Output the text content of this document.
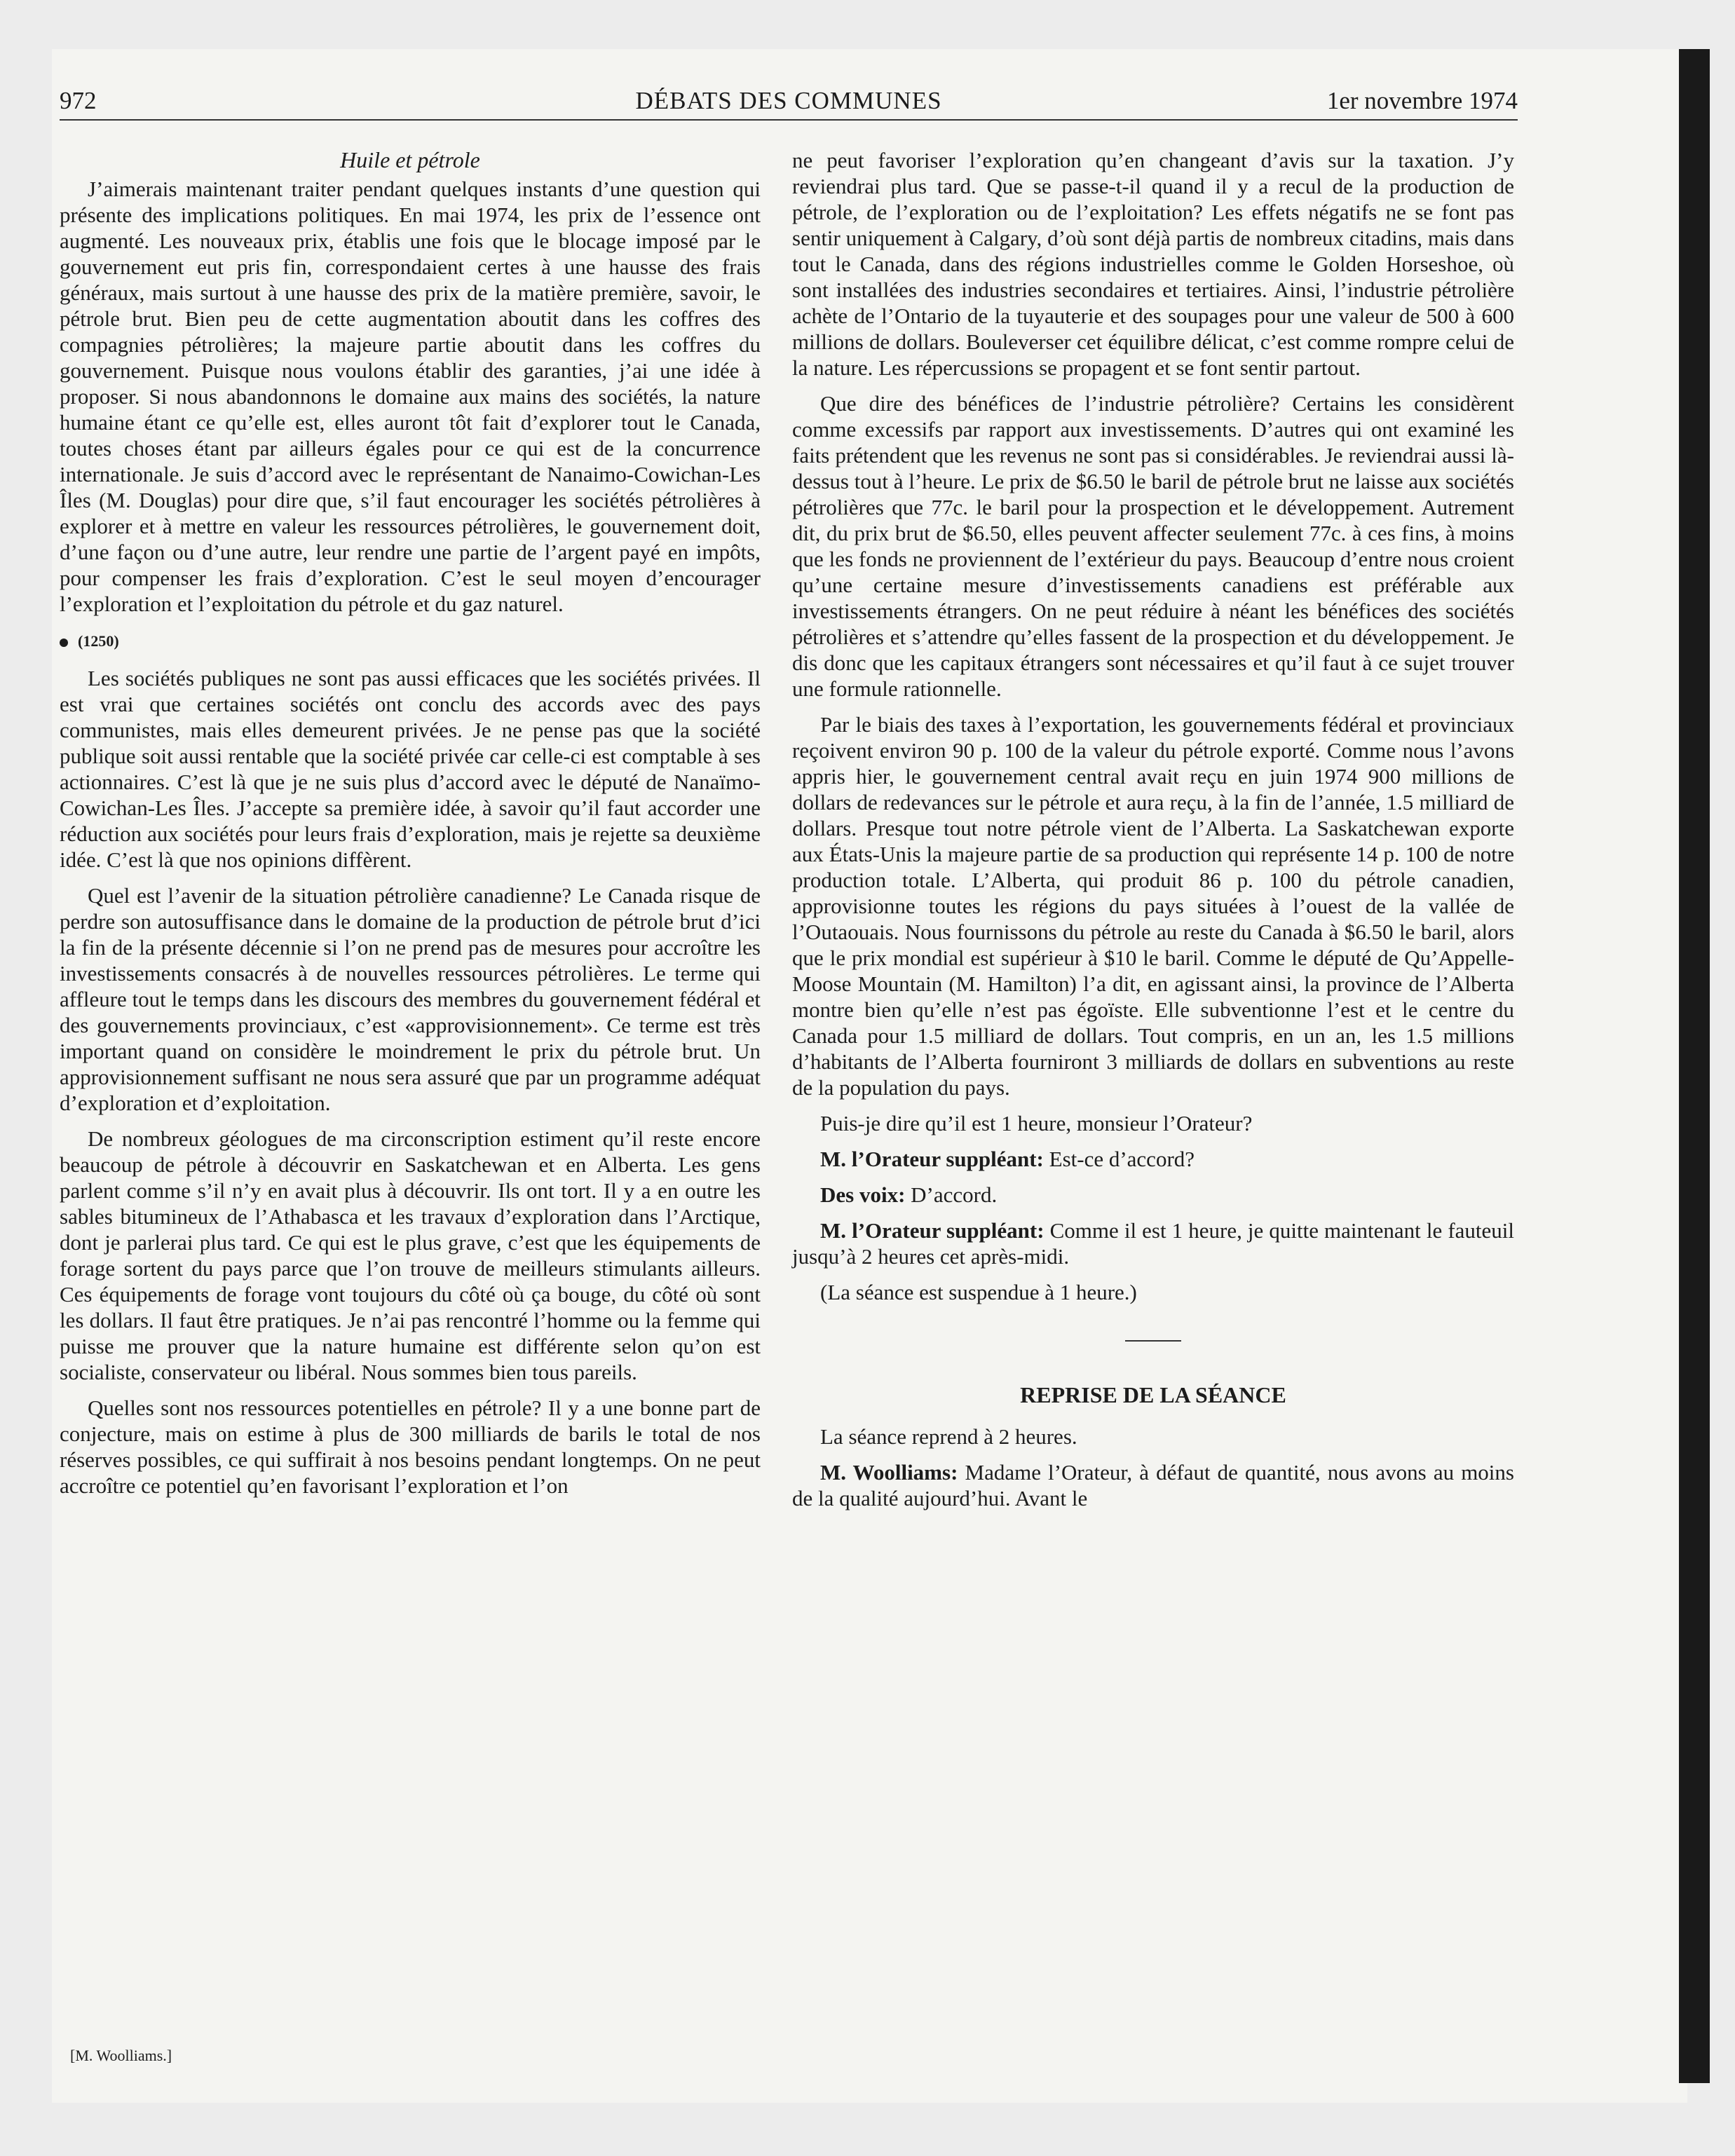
972	DÉBATS DES COMMUNES	1er novembre 1974
Huile et pétrole

J’aimerais maintenant traiter pendant quelques instants d’une question qui présente des implications politiques. En mai 1974, les prix de l’essence ont augmenté. Les nouveaux prix, établis une fois que le blocage imposé par le gouvernement eut pris fin, correspondaient certes à une hausse des frais généraux, mais surtout à une hausse des prix de la matière première, savoir, le pétrole brut. Bien peu de cette augmentation aboutit dans les coffres des compagnies pétrolières; la majeure partie aboutit dans les coffres du gouvernement. Puisque nous voulons établir des garanties, j’ai une idée à proposer. Si nous abandonnons le domaine aux mains des sociétés, la nature humaine étant ce qu’elle est, elles auront tôt fait d’explorer tout le Canada, toutes choses étant par ailleurs égales pour ce qui est de la concurrence internationale. Je suis d’accord avec le représentant de Nanaimo-Cowichan-Les Îles (M. Douglas) pour dire que, s’il faut encourager les sociétés pétrolières à explorer et à mettre en valeur les ressources pétrolières, le gouvernement doit, d’une façon ou d’une autre, leur rendre une partie de l’argent payé en impôts, pour compenser les frais d’exploration. C’est le seul moyen d’encourager l’exploration et l’exploitation du pétrole et du gaz naturel.

(1250)

Les sociétés publiques ne sont pas aussi efficaces que les sociétés privées. Il est vrai que certaines sociétés ont conclu des accords avec des pays communistes, mais elles demeurent privées. Je ne pense pas que la société publique soit aussi rentable que la société privée car celle-ci est comptable à ses actionnaires. C’est là que je ne suis plus d’accord avec le député de Nanaïmo-Cowichan-Les Îles. J’accepte sa première idée, à savoir qu’il faut accorder une réduction aux sociétés pour leurs frais d’exploration, mais je rejette sa deuxième idée. C’est là que nos opinions diffèrent.

Quel est l’avenir de la situation pétrolière canadienne? Le Canada risque de perdre son autosuffisance dans le domaine de la production de pétrole brut d’ici la fin de la présente décennie si l’on ne prend pas de mesures pour accroître les investissements consacrés à de nouvelles ressources pétrolières. Le terme qui affleure tout le temps dans les discours des membres du gouvernement fédéral et des gouvernements provinciaux, c’est «approvisionnement». Ce terme est très important quand on considère le moindrement le prix du pétrole brut. Un approvisionnement suffisant ne nous sera assuré que par un programme adéquat d’exploration et d’exploitation.

De nombreux géologues de ma circonscription estiment qu’il reste encore beaucoup de pétrole à découvrir en Saskatchewan et en Alberta. Les gens parlent comme s’il n’y en avait plus à découvrir. Ils ont tort. Il y a en outre les sables bitumineux de l’Athabasca et les travaux d’exploration dans l’Arctique, dont je parlerai plus tard. Ce qui est le plus grave, c’est que les équipements de forage sortent du pays parce que l’on trouve de meilleurs stimulants ailleurs. Ces équipements de forage vont toujours du côté où ça bouge, du côté où sont les dollars. Il faut être pratiques. Je n’ai pas rencontré l’homme ou la femme qui puisse me prouver que la nature humaine est différente selon qu’on est socialiste, conservateur ou libéral. Nous sommes bien tous pareils.

Quelles sont nos ressources potentielles en pétrole? Il y a une bonne part de conjecture, mais on estime à plus de 300 milliards de barils le total de nos réserves possibles, ce qui suffirait à nos besoins pendant longtemps. On ne peut accroître ce potentiel qu’en favorisant l’exploration et l’on

ne peut favoriser l’exploration qu’en changeant d’avis sur la taxation. J’y reviendrai plus tard. Que se passe-t-il quand il y a recul de la production de pétrole, de l’exploration ou de l’exploitation? Les effets négatifs ne se font pas sentir uniquement à Calgary, d’où sont déjà partis de nombreux citadins, mais dans tout le Canada, dans des régions industrielles comme le Golden Horseshoe, où sont installées des industries secondaires et tertiaires. Ainsi, l’industrie pétrolière achète de l’Ontario de la tuyauterie et des soupages pour une valeur de 500 à 600 millions de dollars. Bouleverser cet équilibre délicat, c’est comme rompre celui de la nature. Les répercussions se propagent et se font sentir partout.

Que dire des bénéfices de l’industrie pétrolière? Certains les considèrent comme excessifs par rapport aux investissements. D’autres qui ont examiné les faits prétendent que les revenus ne sont pas si considérables. Je reviendrai aussi là-dessus tout à l’heure. Le prix de $6.50 le baril de pétrole brut ne laisse aux sociétés pétrolières que 77c. le baril pour la prospection et le développement. Autrement dit, du prix brut de $6.50, elles peuvent affecter seulement 77c. à ces fins, à moins que les fonds ne proviennent de l’extérieur du pays. Beaucoup d’entre nous croient qu’une certaine mesure d’investissements canadiens est préférable aux investissements étrangers. On ne peut réduire à néant les bénéfices des sociétés pétrolières et s’attendre qu’elles fassent de la prospection et du développement. Je dis donc que les capitaux étrangers sont nécessaires et qu’il faut à ce sujet trouver une formule rationnelle.

Par le biais des taxes à l’exportation, les gouvernements fédéral et provinciaux reçoivent environ 90 p. 100 de la valeur du pétrole exporté. Comme nous l’avons appris hier, le gouvernement central avait reçu en juin 1974 900 millions de dollars de redevances sur le pétrole et aura reçu, à la fin de l’année, 1.5 milliard de dollars. Presque tout notre pétrole vient de l’Alberta. La Saskatchewan exporte aux États-Unis la majeure partie de sa production qui représente 14 p. 100 de notre production totale. L’Alberta, qui produit 86 p. 100 du pétrole canadien, approvisionne toutes les régions du pays situées à l’ouest de la vallée de l’Outaouais. Nous fournissons du pétrole au reste du Canada à $6.50 le baril, alors que le prix mondial est supérieur à $10 le baril. Comme le député de Qu’Appelle-Moose Mountain (M. Hamilton) l’a dit, en agissant ainsi, la province de l’Alberta montre bien qu’elle n’est pas égoïste. Elle subventionne l’est et le centre du Canada pour 1.5 milliard de dollars. Tout compris, en un an, les 1.5 millions d’habitants de l’Alberta fourniront 3 milliards de dollars en subventions au reste de la population du pays.

Puis-je dire qu’il est 1 heure, monsieur l’Orateur?

M. l’Orateur suppléant: Est-ce d’accord?

Des voix: D’accord.

M. l’Orateur suppléant: Comme il est 1 heure, je quitte maintenant le fauteuil jusqu’à 2 heures cet après-midi.

(La séance est suspendue à 1 heure.)

REPRISE DE LA SÉANCE

La séance reprend à 2 heures.

M. Woolliams: Madame l’Orateur, à défaut de quantité, nous avons au moins de la qualité aujourd’hui. Avant le

[M. Woolliams.]
